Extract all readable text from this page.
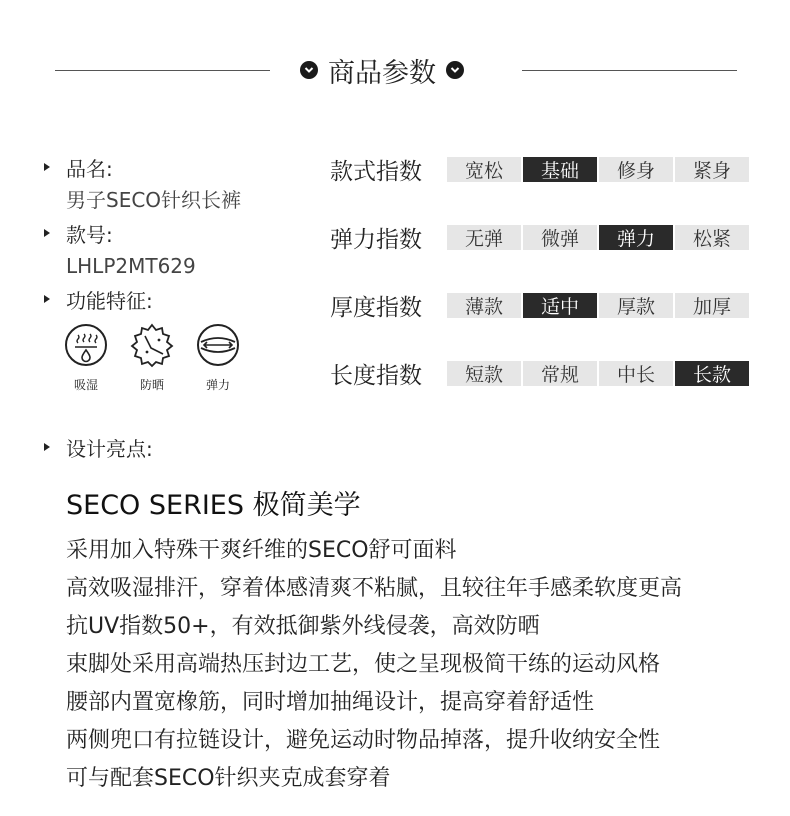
商品参数
品名:
男子SECO针织长裤
款号:
LHLP2MT629
功能特征:
吸湿	防晒	弹力
款式指数	宽松	基础	修身	紧身
弹力指数	无弹	微弹	弹力	松紧
厚度指数	薄款	适中	厚款	加厚
长度指数	短款	常规	中长	长款
设计亮点:
SECO SERIES 极简美学
采用加入特殊干爽纤维的SECO舒可面料
高效吸湿排汗，穿着体感清爽不粘腻，且较往年手感柔软度更高
抗UV指数50+，有效抵御紫外线侵袭，高效防晒
束脚处采用高端热压封边工艺，使之呈现极简干练的运动风格
腰部内置宽橡筋，同时增加抽绳设计，提高穿着舒适性
两侧兜口有拉链设计，避免运动时物品掉落，提升收纳安全性
可与配套SECO针织夹克成套穿着
